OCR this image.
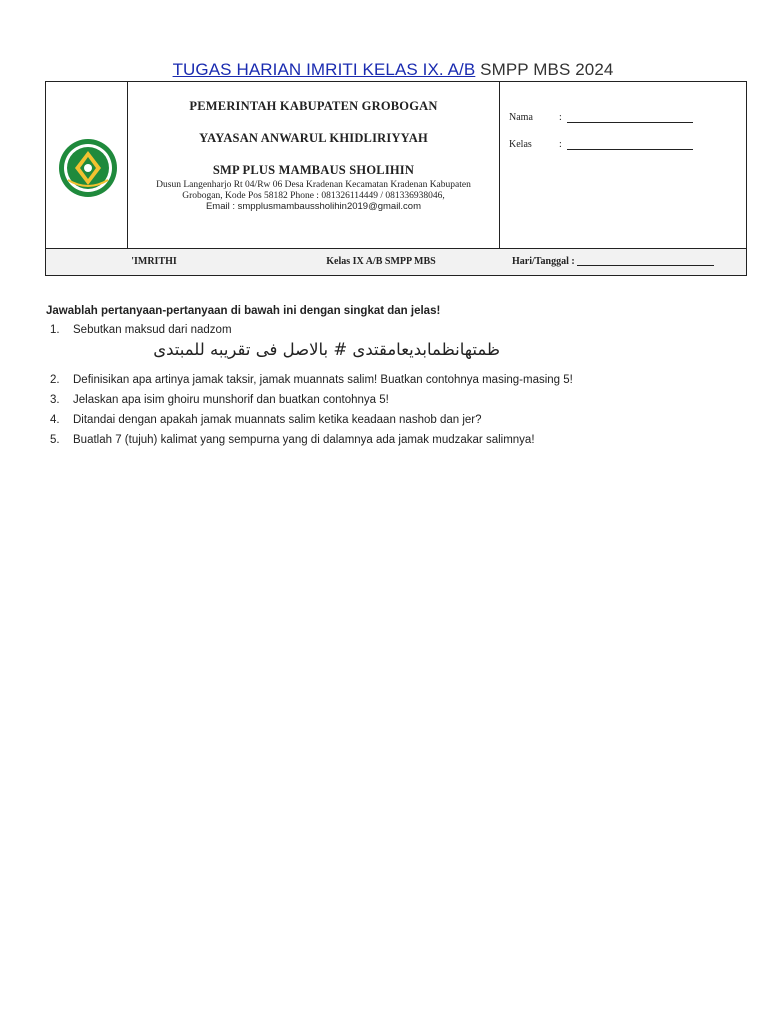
TUGAS HARIAN IMRITI KELAS IX. A/B SMPP MBS 2024
PEMERINTAH KABUPATEN GROBOGAN
YAYASAN ANWARUL KHIDLIRIYYAH
SMP PLUS MAMBAUS SHOLIHIN
Dusun Langenharjo Rt 04/Rw 06 Desa Kradenan Kecamatan Kradenan Kabupaten Grobogan, Kode Pos 58182 Phone : 081326114449 / 081336938046,
Email : smpplusmambaussholihin2019@gmail.com
Nama	:
Kelas	:
'IMRITHI	Kelas IX A/B SMPP MBS	Hari/Tanggal :
Jawablah pertanyaan-pertanyaan di bawah ini dengan singkat dan jelas!
1.	Sebutkan maksud dari nadzom
ظمتهانظمابديعامقتدى # بالاصل فى تقريبه للمبتدى
2.	Definisikan apa artinya jamak taksir, jamak muannats salim! Buatkan contohnya masing-masing 5!
3.	Jelaskan apa isim ghoiru munshorif dan buatkan contohnya 5!
4.	Ditandai dengan apakah jamak muannats salim ketika keadaan nashob dan jer?
5.	Buatlah 7 (tujuh) kalimat yang sempurna yang di dalamnya ada jamak mudzakar salimnya!
